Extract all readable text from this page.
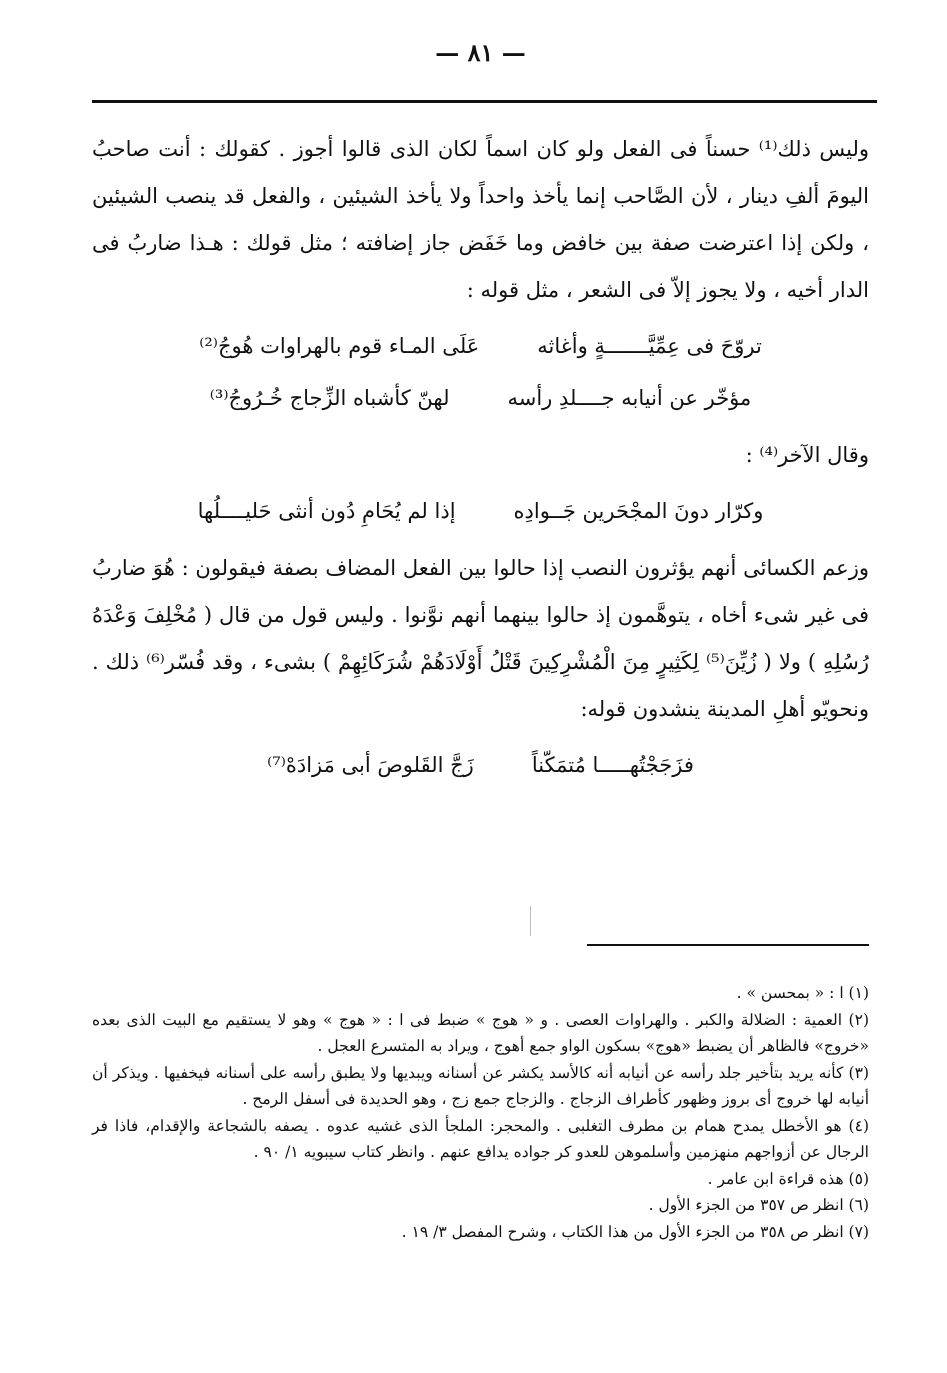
— ٨١ —

وليس ذلك⁽¹⁾ حسناً فى الفعل ولو كان اسماً لكان الذى قالوا أجوز . كقولك : أنت صاحبُ اليومَ ألفِ دينار ، لأن الصَّاحب إنما يأخذ واحداً ولا يأخذ الشيئين ، والفعل قد ينصب الشيئين ، ولكن إذا اعترضت صفة بين خافض وما خَفَض جاز إضافته ؛ مثل قولك : هـذا ضاربُ فى الدار أخيه ، ولا يجوز إلاّ فى الشعر ، مثل قوله :

تروّحَ فى عِمِّيَّـــــــةٍ وأغاثه
عَلَى المـاء قوم بالهراوات هُوجُ⁽²⁾
مؤخّر عن أنيابه جــــلدِ رأسه
لهنّ كأشباه الزِّجاج خُـرُوجُ⁽³⁾

وقال الآخر⁽⁴⁾ :

وكرّار دونَ المجْحَرين جَــوادِه
إذا لم يُحَامِ دُون أنثى حَليــــلُها

وزعم الكسائى أنهم يؤثرون النصب إذا حالوا بين الفعل المضاف بصفة فيقولون : هُوَ ضاربُ فى غير شىء أخاه ، يتوهَّمون إذ حالوا بينهما أنهم نوَّنوا . وليس قول من قال ( مُخْلِفَ وَعْدَهُ رُسُلِهِ ) ولا ( زُيِّنَ⁽⁵⁾ لِكَثِيرٍ مِنَ الْمُشْرِكِينَ قَتْلُ أَوْلَادَهُمْ شُرَكَائِهِمْ ) بشىء ، وقد فُسّر⁽⁶⁾ ذلك . ونحويّو أهلِ المدينة ينشدون قوله:

فزَجَجْتُهـــــا مُتمَكّناً
زَجَّ القَلوصَ أبى مَزادَهْ⁽⁷⁾

(١) ا : « بمحسن » .

(٢) العمية : الضلالة والكبر . والهراوات العصى . و « هوج » ضبط فى ا : « هوج » وهو لا يستقيم مع البيت الذى بعده «خروج» فالظاهر أن يضبط «هوج» بسكون الواو جمع أهوج ، ويراد به المتسرع العجل .

(٣) كأنه يريد بتأخير جلد رأسه عن أنيابه أنه كالأسد يكشر عن أسنانه ويبديها ولا يطبق رأسه على أسنانه فيخفيها . ويذكر أن أنيابه لها خروج أى بروز وظهور كأطراف الزجاج . والزجاج جمع زج ، وهو الحديدة فى أسفل الرمح .

(٤) هو الأخطل يمدح همام بن مطرف التغلبى . والمحجر: الملجأ الذى غشيه عدوه . يصفه بالشجاعة والإقدام، فاذا فر الرجال عن أزواجهم منهزمين وأسلموهن للعدو كر جواده يدافع عنهم . وانظر كتاب سيبويه ١/ ٩٠ .

(٥) هذه قراءة ابن عامر .

(٦) انظر ص ٣٥٧ من الجزء الأول .

(٧) انظر ص ٣٥٨ من الجزء الأول من هذا الكتاب ، وشرح المفصل ٣/ ١٩ .
